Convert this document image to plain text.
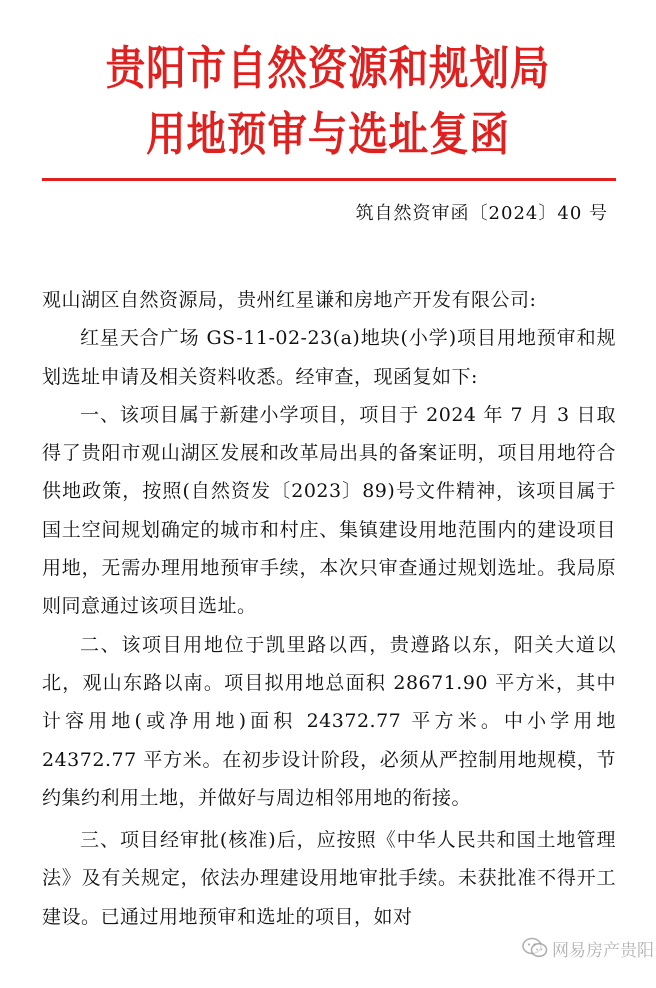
贵阳市自然资源和规划局
用地预审与选址复函
筑自然资审函〔2024〕40 号

观山湖区自然资源局，贵州红星谦和房地产开发有限公司:

红星天合广场 GS-11-02-23(a)地块(小学)项目用地预审和规划选址申请及相关资料收悉。经审查，现函复如下:

一、该项目属于新建小学项目，项目于 2024 年 7 月 3 日取得了贵阳市观山湖区发展和改革局出具的备案证明，项目用地符合供地政策，按照(自然资发〔2023〕89)号文件精神，该项目属于国土空间规划确定的城市和村庄、集镇建设用地范围内的建设项目用地，无需办理用地预审手续，本次只审查通过规划选址。我局原则同意通过该项目选址。

二、该项目用地位于凯里路以西，贵遵路以东，阳关大道以北，观山东路以南。项目拟用地总面积 28671.90 平方米，其中计容用地(或净用地)面积 24372.77 平方米。中小学用地 24372.77 平方米。在初步设计阶段，必须从严控制用地规模，节约集约利用土地，并做好与周边相邻用地的衔接。

三、项目经审批(核准)后，应按照《中华人民共和国土地管理法》及有关规定，依法办理建设用地审批手续。未获批准不得开工建设。已通过用地预审和选址的项目，如对

网易房产贵阳
